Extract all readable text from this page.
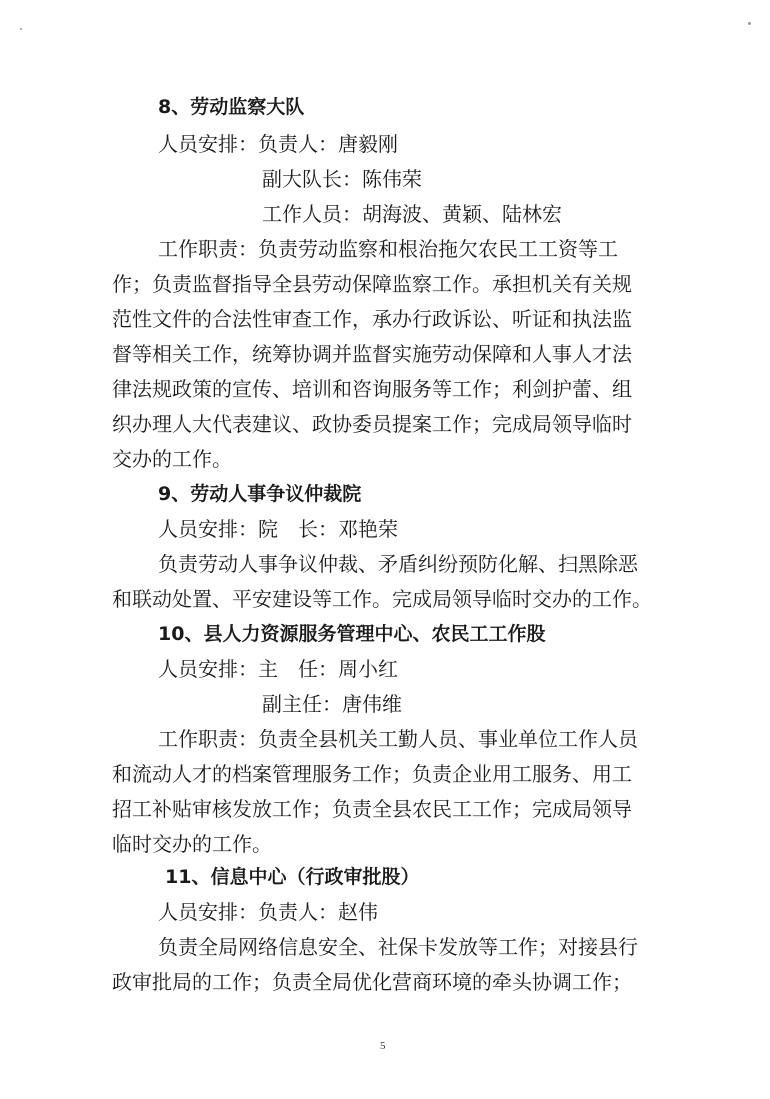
8、劳动监察大队
人员安排：负责人：唐毅刚
副大队长：陈伟荣
工作人员：胡海波、黄颖、陆林宏
工作职责：负责劳动监察和根治拖欠农民工工资等工
作；负责监督指导全县劳动保障监察工作。承担机关有关规
范性文件的合法性审查工作，承办行政诉讼、听证和执法监
督等相关工作，统筹协调并监督实施劳动保障和人事人才法
律法规政策的宣传、培训和咨询服务等工作；利剑护蕾、组
织办理人大代表建议、政协委员提案工作；完成局领导临时
交办的工作。
9、劳动人事争议仲裁院
人员安排：院　长：邓艳荣
负责劳动人事争议仲裁、矛盾纠纷预防化解、扫黑除恶
和联动处置、平安建设等工作。完成局领导临时交办的工作。
10、县人力资源服务管理中心、农民工工作股
人员安排：主　任：周小红
副主任：唐伟维
工作职责：负责全县机关工勤人员、事业单位工作人员
和流动人才的档案管理服务工作；负责企业用工服务、用工
招工补贴审核发放工作；负责全县农民工工作；完成局领导
临时交办的工作。
11、信息中心（行政审批股）
人员安排：负责人：赵伟
负责全局网络信息安全、社保卡发放等工作；对接县行
政审批局的工作；负责全局优化营商环境的牵头协调工作；
5
